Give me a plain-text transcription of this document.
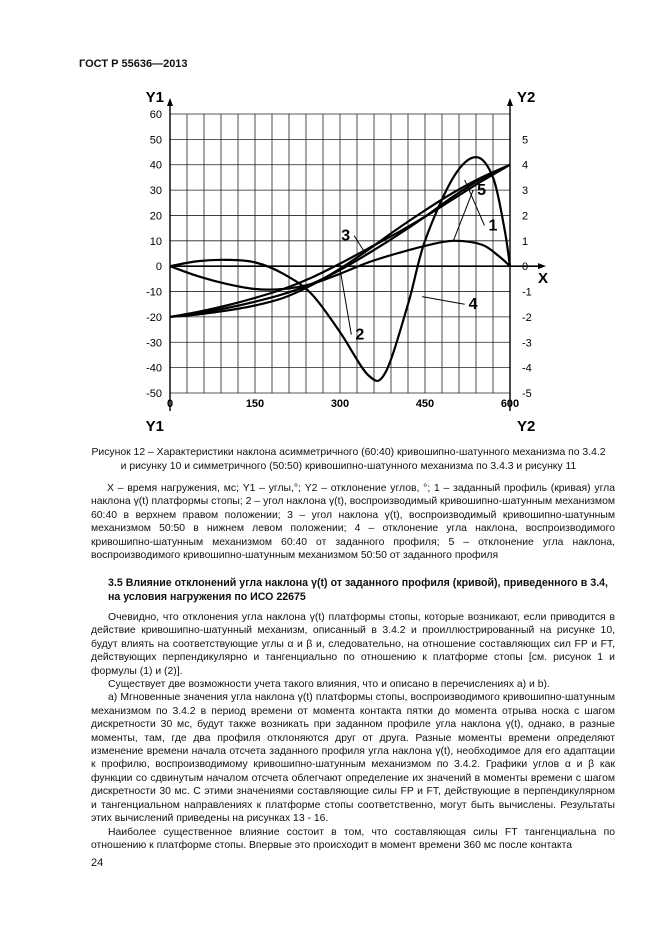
ГОСТ Р 55636—2013
60
50
40
30
20
10
0
-10
-20
-30
-40
-50
5
4
3
2
1
0
-1
-2
-3
-4
-5
0	150	300	450	600
Y1
Y1
Y2
Y2
X
1
2
3
4
5
Рисунок 12 – Характеристики наклона асимметричного (60:40) кривошипно-шатунного механизма по 3.4.2 и рисунку 10 и симметричного (50:50) кривошипно-шатунного механизма по 3.4.3 и рисунку 11

X – время нагружения, мс; Y1 – углы,°; Y2 – отклонение углов, °; 1 – заданный профиль (кривая) угла наклона γ(t) платформы стопы; 2 – угол наклона γ(t), воспроизводимый кривошипно-шатунным механизмом 60:40 в верхнем правом положении; 3 – угол наклона γ(t), воспроизводимый кривошипно-шатунным механизмом 50:50 в нижнем левом положении; 4 – отклонение угла наклона, воспроизводимого кривошипно-шатунным механизмом 60:40 от заданного профиля; 5 – отклонение угла наклона, воспроизводимого кривошипно-шатунным механизмом 50:50 от заданного профиля

3.5 Влияние отклонений угла наклона γ(t) от заданного профиля (кривой), приведенного в 3.4, на условия нагружения по ИСО 22675

Очевидно, что отклонения угла наклона γ(t) платформы стопы, которые возникают, если приводится в действие кривошипно-шатунный механизм, описанный в 3.4.2 и проиллюстрированный на рисунке 10, будут влиять на соответствующие углы α и β и, следовательно, на отношение составляющих сил FP и FT, действующих перпендикулярно и тангенциально по отношению к платформе стопы [см. рисунок 1 и формулы (1) и (2)].

Существует две возможности учета такого влияния, что и описано в перечислениях а) и b).

а) Мгновенные значения угла наклона γ(t) платформы стопы, воспроизводимого кривошипно-шатунным механизмом по 3.4.2 в период времени от момента контакта пятки до момента отрыва носка с шагом дискретности 30 мс, будут также возникать при заданном профиле угла наклона γ(t), однако, в разные моменты, там, где два профиля отклоняются друг от друга. Разные моменты времени определяют изменение времени начала отсчета заданного профиля угла наклона γ(t), необходимое для его адаптации к профилю, воспроизводимому кривошипно-шатунным механизмом по 3.4.2. Графики углов α и β как функции со сдвинутым началом отсчета облегчают определение их значений в моменты времени с шагом дискретности 30 мс. С этими значениями составляющие силы FP и FT, действующие в перпендикулярном и тангенциальном направлениях к платформе стопы соответственно, могут быть вычислены. Результаты этих вычислений приведены на рисунках 13 - 16.

Наиболее существенное влияние состоит в том, что составляющая силы FT тангенциальна по отношению к платформе стопы. Впервые это происходит в момент времени 360 мс после контакта

24
